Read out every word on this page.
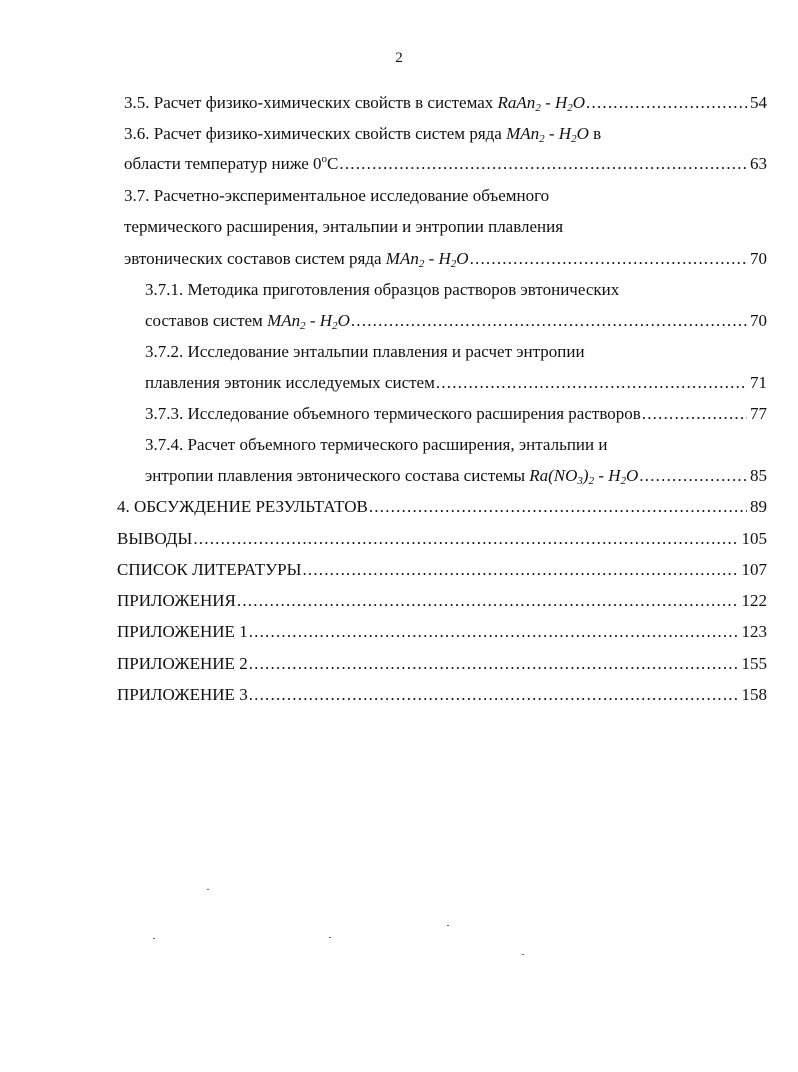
2
3.5. Расчет физико-химических свойств в системах RaAn$_2$ - $H_2O$ .....	54
3.6. Расчет физико-химических свойств систем ряда $MAn_2 - H_2O$ в
области температур ниже 0$^o$C .....	63
3.7. Расчетно-экспериментальное исследование объемного
термического расширения, энтальпии и энтропии плавления
эвтонических составов систем ряда $MAn_2 - H_2O$ .....	70
3.7.1. Методика приготовления образцов растворов эвтонических
составов систем $MAn_2 - H_2O$ .....	70
3.7.2. Исследование энтальпии плавления и расчет энтропии
плавления эвтоник исследуемых систем .....	71
3.7.3. Исследование объемного термического расширения растворов .....	77
3.7.4. Расчет объемного термического расширения, энтальпии и
энтропии плавления эвтонического состава системы $Ra(NO_3)_2 - H_2O$ .....	85
4. ОБСУЖДЕНИЕ РЕЗУЛЬТАТОВ .....	89
ВЫВОДЫ .....	105
СПИСОК ЛИТЕРАТУРЫ .....	107
ПРИЛОЖЕНИЯ .....	122
ПРИЛОЖЕНИЕ 1 .....	123
ПРИЛОЖЕНИЕ 2 .....	155
ПРИЛОЖЕНИЕ 3 .....	158
